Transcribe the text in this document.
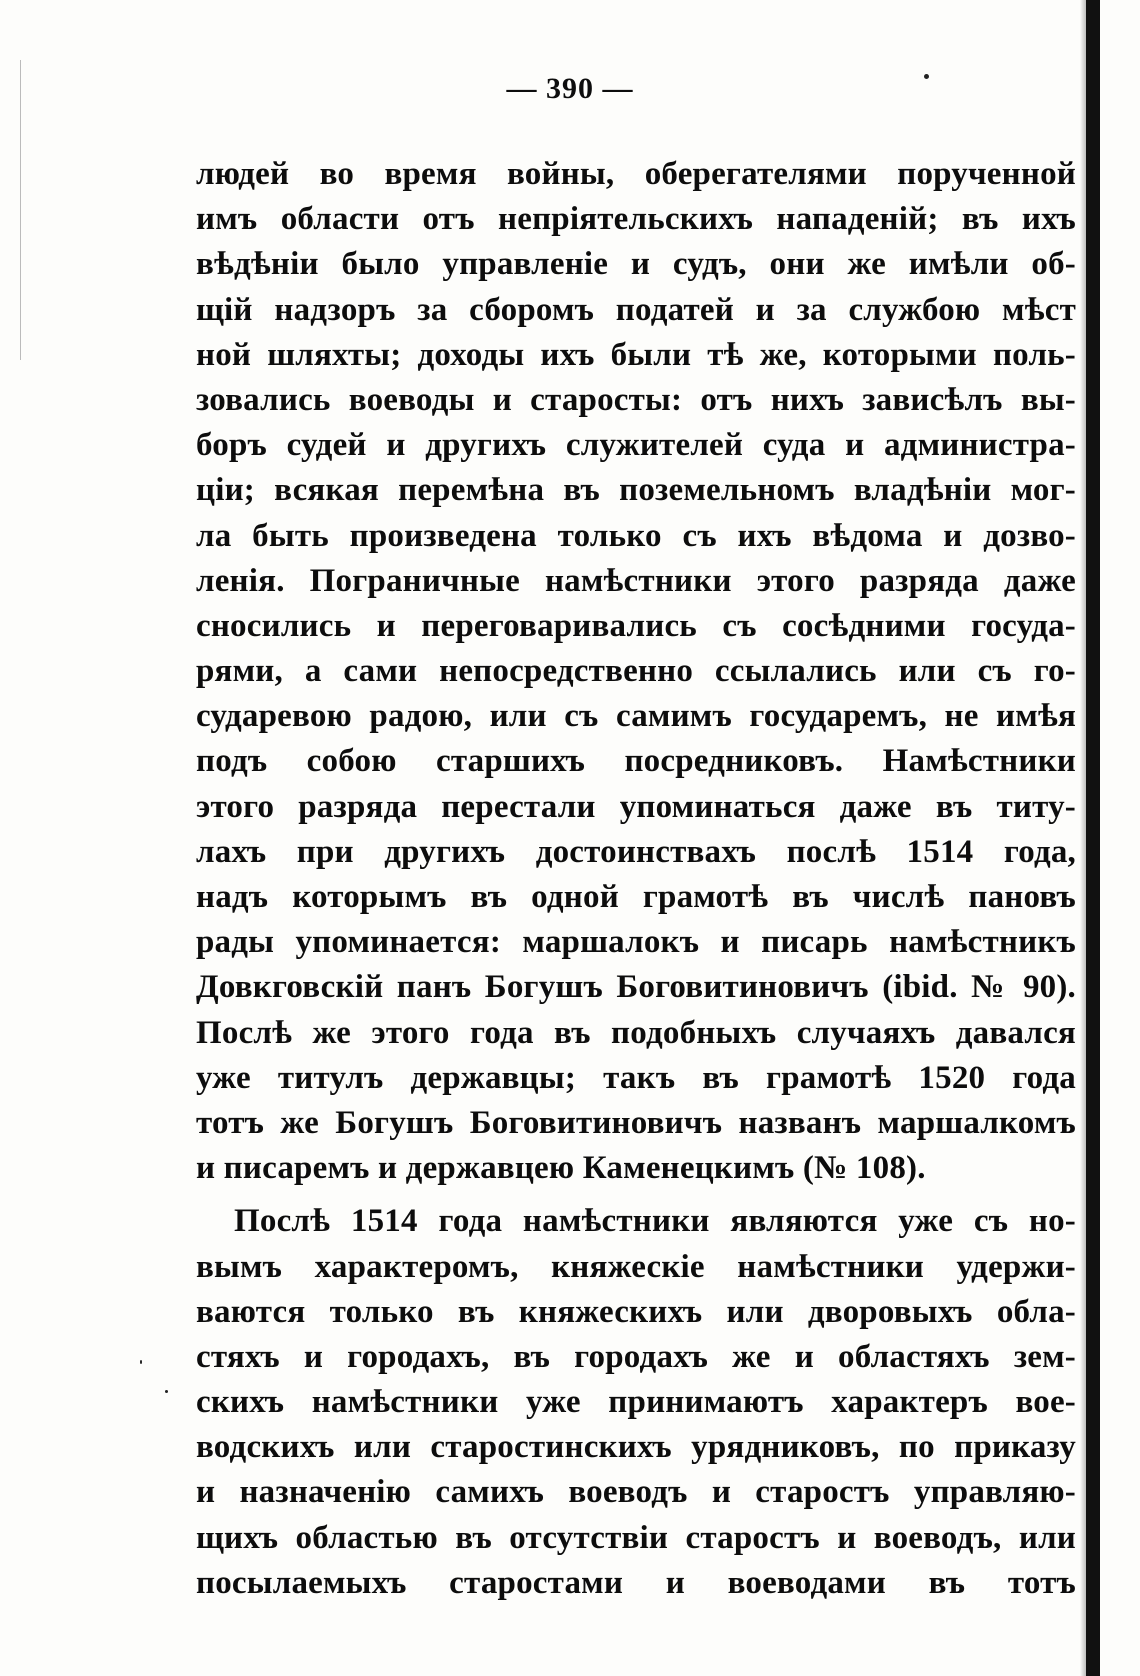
— 390 —
людей во время войны, оберегателями порученной
имъ области отъ непріятельскихъ нападеній; въ ихъ
вѣдѣніи было управленіе и судъ, они же имѣли об-
щій надзоръ за сборомъ податей и за службою мѣст
ной шляхты; доходы ихъ были тѣ же, которыми поль-
зовались воеводы и старосты: отъ нихъ зависѣлъ вы-
боръ судей и другихъ служителей суда и администра-
ціи; всякая перемѣна въ поземельномъ владѣніи мог-
ла быть произведена только съ ихъ вѣдома и дозво-
ленія. Пограничные намѣстники этого разряда даже
сносились и переговаривались съ сосѣдними госуда-
рями, а сами непосредственно ссылались или съ го-
сударевою радою, или съ самимъ государемъ, не имѣя
подъ собою старшихъ посредниковъ. Намѣстники
этого разряда перестали упоминаться даже въ титу-
лахъ при другихъ достоинствахъ послѣ 1514 года,
надъ которымъ въ одной грамотѣ въ числѣ пановъ
рады упоминается: маршалокъ и писарь намѣстникъ
Довкговскій панъ Богушъ Боговитиновичъ (ibid. № 90).
Послѣ же этого года въ подобныхъ случаяхъ давался
уже титулъ державцы; такъ въ грамотѣ 1520 года
тотъ же Богушъ Боговитиновичъ названъ маршалкомъ
и писаремъ и державцею Каменецкимъ (№ 108).
Послѣ 1514 года намѣстники являются уже съ но-
вымъ характеромъ, княжескіе намѣстники удержи-
ваются только въ княжескихъ или дворовыхъ обла-
стяхъ и городахъ, въ городахъ же и областяхъ зем-
скихъ намѣстники уже принимаютъ характеръ вое-
водскихъ или старостинскихъ урядниковъ, по приказу
и назначенію самихъ воеводъ и старостъ управляю-
щихъ областью въ отсутствіи старостъ и воеводъ, или
посылаемыхъ старостами и воеводами въ тотъ
